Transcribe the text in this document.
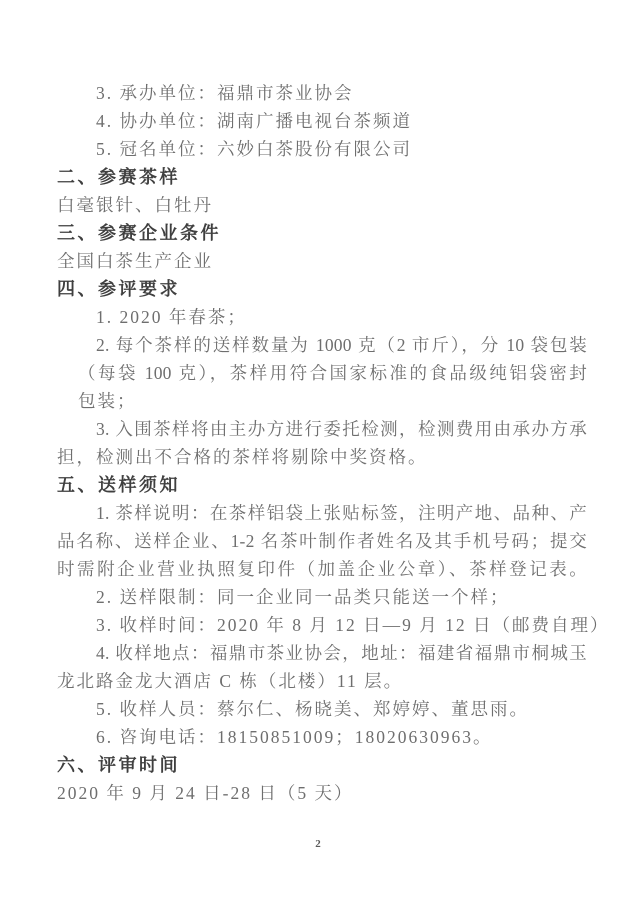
3. 承办单位：福鼎市茶业协会
4. 协办单位：湖南广播电视台茶频道
5. 冠名单位：六妙白茶股份有限公司
二、参赛茶样
白毫银针、白牡丹
三、参赛企业条件
全国白茶生产企业
四、参评要求
1. 2020 年春茶；
2. 每个茶样的送样数量为 1000 克（2 市斤），分 10 袋包装
（每袋 100 克），茶样用符合国家标准的食品级纯铝袋密封
包装；
3. 入围茶样将由主办方进行委托检测，检测费用由承办方承
担，检测出不合格的茶样将剔除中奖资格。
五、送样须知
1. 茶样说明：在茶样铝袋上张贴标签，注明产地、品种、产
品名称、送样企业、1-2 名茶叶制作者姓名及其手机号码；提交
时需附企业营业执照复印件（加盖企业公章）、茶样登记表。
2. 送样限制：同一企业同一品类只能送一个样；
3. 收样时间：2020 年 8 月 12 日—9 月 12 日（邮费自理）
4. 收样地点：福鼎市茶业协会，地址：福建省福鼎市桐城玉
龙北路金龙大酒店 C 栋（北楼）11 层。
5. 收样人员：蔡尔仁、杨晓美、郑婷婷、董思雨。
6. 咨询电话：18150851009；18020630963。
六、评审时间
2020 年 9 月 24 日-28 日（5 天）
2
